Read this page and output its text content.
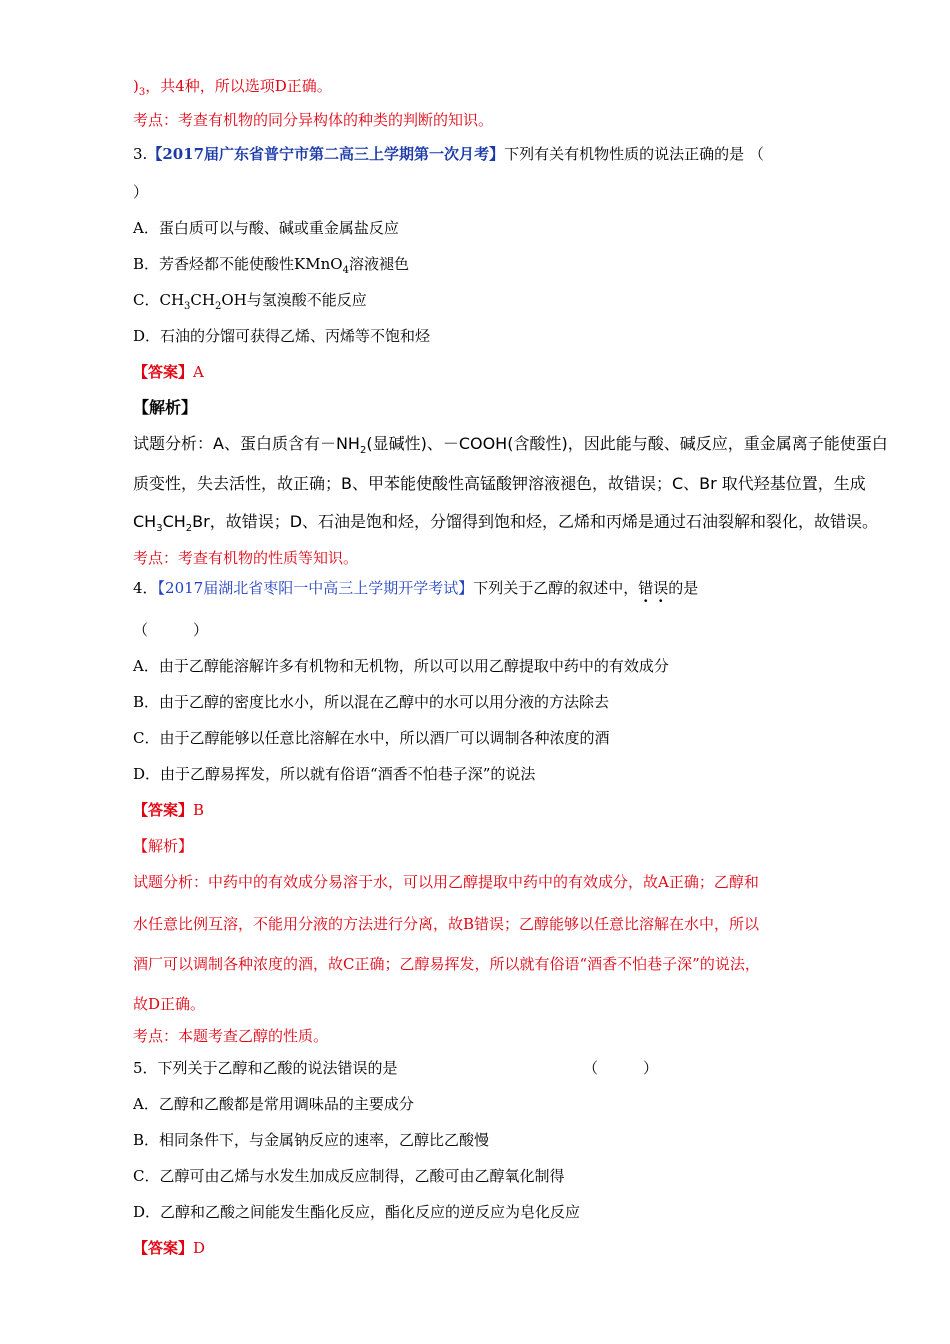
)$_3$，共4种，所以选项D正确。
考点：考查有机物的同分异构体的种类的判断的知识。
3.【2017届广东省普宁市第二高三上学期第一次月考】下列有关有机物性质的说法正确的是 （
）
A．蛋白质可以与酸、碱或重金属盐反应
B．芳香烃都不能使酸性KMnO$_4$溶液褪色
C．$CH_3CH_2OH$与氢溴酸不能反应
D．石油的分馏可获得乙烯、丙烯等不饱和烃
【答案】A
【解析】
试题分析：A、蛋白质含有$-NH_2$(显碱性)、－COOH(含酸性)，因此能与酸、碱反应，重金属离子能使蛋白
质变性，失去活性，故正确；B、甲苯能使酸性高锰酸钾溶液褪色，故错误；C、Br 取代羟基位置，生成
$CH_3CH_2Br$，故错误；D、石油是饱和烃，分馏得到饱和烃，乙烯和丙烯是通过石油裂解和裂化，故错误。
考点：考查有机物的性质等知识。
4．【2017届湖北省枣阳一中高三上学期开学考试】下列关于乙醇的叙述中，错误的是
（　　　）
A．由于乙醇能溶解许多有机物和无机物，所以可以用乙醇提取中药中的有效成分
B．由于乙醇的密度比水小，所以混在乙醇中的水可以用分液的方法除去
C．由于乙醇能够以任意比溶解在水中，所以酒厂可以调制各种浓度的酒
D．由于乙醇易挥发，所以就有俗语“酒香不怕巷子深”的说法
【答案】B
【解析】
试题分析：中药中的有效成分易溶于水，可以用乙醇提取中药中的有效成分，故A正确；乙醇和
水任意比例互溶，不能用分液的方法进行分离，故B错误；乙醇能够以任意比溶解在水中，所以
酒厂可以调制各种浓度的酒，故C正确；乙醇易挥发，所以就有俗语“酒香不怕巷子深”的说法，
故D正确。
考点：本题考查乙醇的性质。
5．下列关于乙醇和乙酸的说法错误的是	（　　　）
A．乙醇和乙酸都是常用调味品的主要成分
B．相同条件下，与金属钠反应的速率，乙醇比乙酸慢
C．乙醇可由乙烯与水发生加成反应制得，乙酸可由乙醇氧化制得
D．乙醇和乙酸之间能发生酯化反应，酯化反应的逆反应为皂化反应
【答案】D
